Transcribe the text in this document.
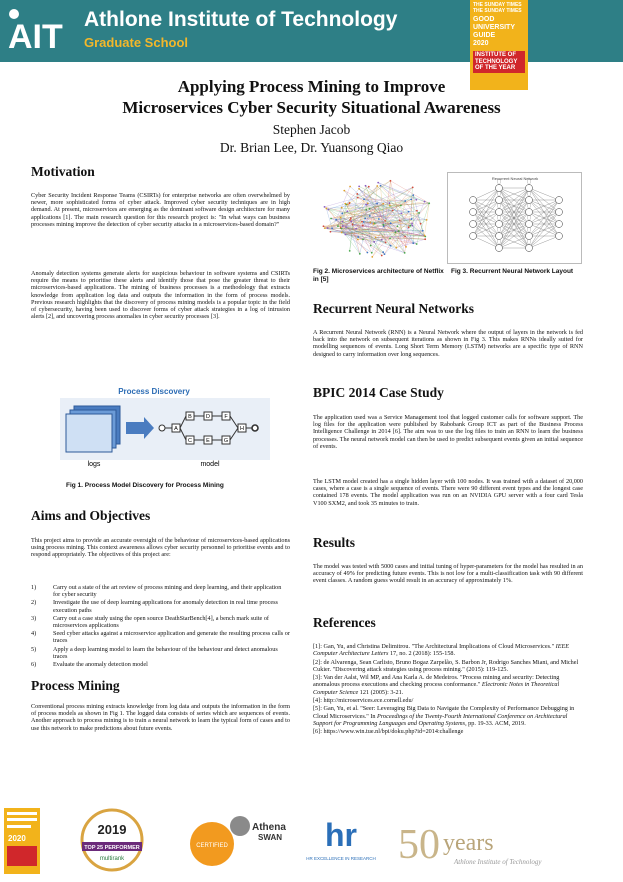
AIT Athlone Institute of Technology
Graduate School
THE SUNDAY TIMES
THE SUNDAY TIMES
GOOD UNIVERSITY GUIDE
2020
INSTITUTE OF TECHNOLOGY OF THE YEAR
Applying Process Mining to Improve
Microservices Cyber Security Situational Awareness
Stephen Jacob
Dr. Brian Lee, Dr. Yuansong Qiao
Motivation
Cyber Security Incident Response Teams (CSIRTs) for enterprise networks are often overwhelmed by newer, more sophisticated forms of cyber attack. Improved cyber security techniques are in high demand. At present, microservices are emerging as the dominant software design architecture for many applications [1]. The main research question for this research project is: "In what ways can business processes mining improve the detection of cyber security attacks in a microservices-based domain?"
Anomaly detection systems generate alerts for suspicious behaviour in software systems and CSIRTs require the means to prioritise these alerts and identify those that pose the greater threat to their microservices-based applications. The mining of business processes is a methodology that extracts knowledge from application log data and outputs the information in the form of process models. Previous research highlights that the discovery of process mining models is a popular topic in the field of cybersecurity, having been used to discover forms of cyber attack strategies in a log of intrusion alerts [2], and uncovering process anomalies in cyber security processes [3].
Process Discovery
logs
A
B
C
D
E
F
G
H
model
Fig 1. Process Model Discovery for Process Mining
Aims and Objectives
This project aims to provide an accurate oversight of the behaviour of microservices-based applications using process mining. This context awareness allows cyber security personnel to prioritise events and to respond appropriately. The objectives of this project are:
1)	Carry out a state of the art review of process mining and deep learning, and their application for cyber security
2)	Investigate the use of deep learning applications for anomaly detection in real time process execution paths
3)	Carry out a case study using the open source DeathStarBench[4], a bench mark suite of microservices applications
4)	Seed cyber attacks against a microservice application and generate the resulting process calls or traces
5)	Apply a deep learning model to learn the behaviour of the behaviour and detect anomalous traces
6)	Evaluate the anomaly detection model
Process Mining
Conventional process mining extracts knowledge from log data and outputs the information in the form of process models as shown in Fig 1. The logged data consists of series which are sequences of events. Another approach to process mining is to train a neural network to learn the typical form of cases and to use this network to make predictions about future events.
Fig 2. Microservices architecture of Netflix in [5]
Recurrent Neural Network
Fig 3. Recurrent Neural Network Layout
Recurrent Neural Networks
A Recurrent Neural Network (RNN) is a Neural Network where the output of layers in the network is fed back into the network on subsequent iterations as shown in Fig 3. This makes RNNs ideally suited for modelling sequences of events. Long Short Term Memory (LSTM) networks are a specific type of RNN designed to carry information over long sequences.
BPIC 2014 Case Study
The application used was a Service Management tool that logged customer calls for software support. The log files for the application were published by Rabobank Group ICT as part of the Business Process Intelligence Challenge in 2014 [6]. The aim was to use the log files to train an RNN to learn the business processes. The neural network model can then be used to predict subsequent events given an initial sequence of events.
The LSTM model created has a single hidden layer with 100 nodes. It was trained with a dataset of 20,000 cases, where a case is a single sequence of events. There were 90 different event types and the longest case contained 178 events. The model application was run on an NVIDIA GPU server with a four card Tesla V100 SXM2, and took 35 minutes to train.
Results
The model was tested with 5000 cases and initial tuning of hyper-parameters for the model has resulted in an accuracy of 49% for predicting future events. This is not low for a multi-classification task with 90 different event classes. A random guess would result in an accuracy of approximately 1%.
References
[1]: Gan, Yu, and Christina Delimitrou. "The Architectural Implications of Cloud Microservices." IEEE Computer Architecture Letters 17, no. 2 (2018): 155-158.
[2]: de Alvarenga, Sean Carlisto, Bruno Bogaz Zarpelão, S. Barbon Jr, Rodrigo Sanches Miani, and Michel Cukier. "Discovering attack strategies using process mining." (2015): 119-125.
[3]: Van der Aalst, Wil MP, and Ana Karla A. de Medeiros. "Process mining and security: Detecting anomalous process executions and checking process conformance." Electronic Notes in Theoretical Computer Science 121 (2005): 3-21.
[4]: http://microservices.ece.cornell.edu/
[5]: Gan, Yu, et al. "Seer: Leveraging Big Data to Navigate the Complexity of Performance Debugging in Cloud Microservices." In Proceedings of the Twenty-Fourth International Conference on Architectural Support for Programming Languages and Operating Systems, pp. 19-33. ACM, 2019.
[6]: https://www.win.tue.nl/bpi/doku.php?id=2014:challenge
2020
2019
TOP 25 PERFORMER
multirank
CERTIFIED
Athena
SWAN hr
HR EXCELLENCE IN RESEARCH 50 years
Athlone Institute of Technology
